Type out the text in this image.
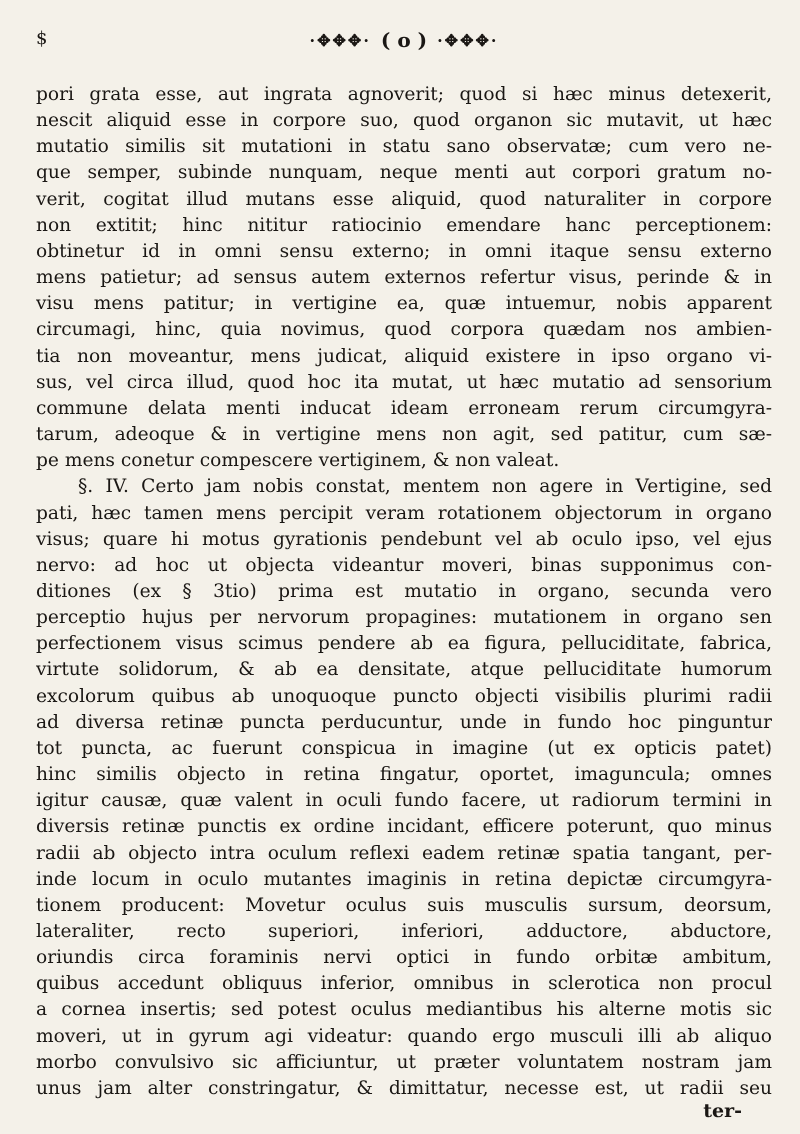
$	·✥✥✥· ( o ) ·✥✥✥·
pori grata esse, aut ingrata agnoverit; quod si hæc minus detexerit,
nescit aliquid esse in corpore suo, quod organon sic mutavit, ut hæc
mutatio similis sit mutationi in statu sano observatæ; cum vero ne-
que semper, subinde nunquam, neque menti aut corpori gratum no-
verit, cogitat illud mutans esse aliquid, quod naturaliter in corpore
non extitit; hinc nititur ratiocinio emendare hanc perceptionem:
obtinetur id in omni sensu externo; in omni itaque sensu externo
mens patietur; ad sensus autem externos refertur visus, perinde & in
visu mens patitur; in vertigine ea, quæ intuemur, nobis apparent
circumagi, hinc, quia novimus, quod corpora quædam nos ambien-
tia non moveantur, mens judicat, aliquid existere in ipso organo vi-
sus, vel circa illud, quod hoc ita mutat, ut hæc mutatio ad sensorium
commune delata menti inducat ideam erroneam rerum circumgyra-
tarum, adeoque & in vertigine mens non agit, sed patitur, cum sæ-
pe mens conetur compescere vertiginem, & non valeat.
§. IV. Certo jam nobis constat, mentem non agere in Vertigine, sed
pati, hæc tamen mens percipit veram rotationem objectorum in organo
visus; quare hi motus gyrationis pendebunt vel ab oculo ipso, vel ejus
nervo: ad hoc ut objecta videantur moveri, binas supponimus con-
ditiones (ex § 3tio) prima est mutatio in organo, secunda vero
perceptio hujus per nervorum propagines: mutationem in organo sen
perfectionem visus scimus pendere ab ea figura, pelluciditate, fabrica,
virtute solidorum, & ab ea densitate, atque pelluciditate humorum
excolorum quibus ab unoquoque puncto objecti visibilis plurimi radii
ad diversa retinæ puncta perducuntur, unde in fundo hoc pinguntur
tot puncta, ac fuerunt conspicua in imagine (ut ex opticis patet)
hinc similis objecto in retina fingatur, oportet, imaguncula; omnes
igitur causæ, quæ valent in oculi fundo facere, ut radiorum termini in
diversis retinæ punctis ex ordine incidant, efficere poterunt, quo minus
radii ab objecto intra oculum reflexi eadem retinæ spatia tangant, per-
inde locum in oculo mutantes imaginis in retina depictæ circumgyra-
tionem producent: Movetur oculus suis musculis sursum, deorsum,
lateraliter, recto superiori, inferiori, adductore, abductore,
oriundis circa foraminis nervi optici in fundo orbitæ ambitum,
quibus accedunt obliquus inferior, omnibus in sclerotica non procul
a cornea insertis; sed potest oculus mediantibus his alterne motis sic
moveri, ut in gyrum agi videatur: quando ergo musculi illi ab aliquo
morbo convulsivo sic afficiuntur, ut præter voluntatem nostram jam
unus jam alter constringatur, & dimittatur, necesse est, ut radii seu
ter-
